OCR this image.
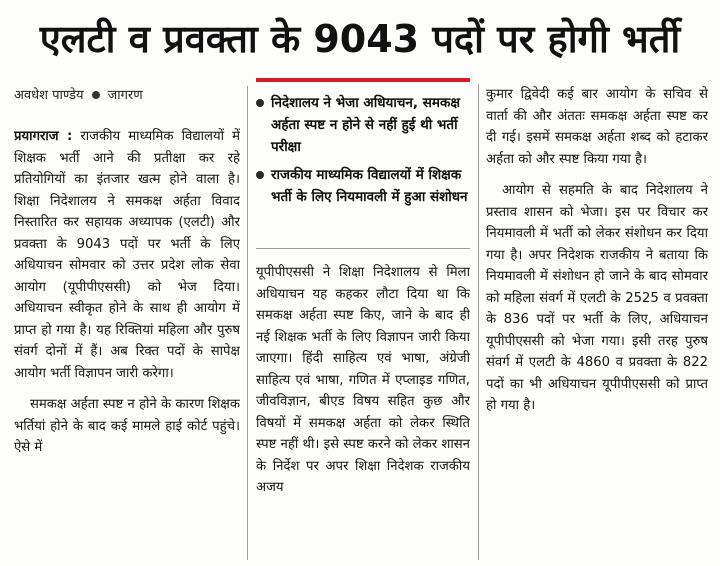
एलटी व प्रवक्ता के 9043 पदों पर होगी भर्ती
अवधेश पाण्डेय जागरण

प्रयागराज : राजकीय माध्यमिक विद्यालयों में शिक्षक भर्ती आने की प्रतीक्षा कर रहे प्रतियोगियों का इंतजार खत्म होने वाला है। शिक्षा निदेशालय ने समकक्ष अर्हता विवाद निस्तारित कर सहायक अध्यापक (एलटी) और प्रवक्ता के 9043 पदों पर भर्ती के लिए अधियाचन सोमवार को उत्तर प्रदेश लोक सेवा आयोग (यूपीपीएससी) को भेज दिया। अधियाचन स्वीकृत होने के साथ ही आयोग में प्राप्त हो गया है। यह रिक्तियां महिला और पुरुष संवर्ग दोनों में हैं। अब रिक्त पदों के सापेक्ष आयोग भर्ती विज्ञापन जारी करेगा।

समकक्ष अर्हता स्पष्ट न होने के कारण शिक्षक भर्तियां होने के बाद कई मामले हाई कोर्ट पहुंचे। ऐसे में

निदेशालय ने भेजा अधियाचन, समकक्ष अर्हता स्पष्ट न होने से नहीं हुई थी भर्ती परीक्षा
राजकीय माध्यमिक विद्यालयों में शिक्षक भर्ती के लिए नियमावली में हुआ संशोधन

यूपीपीएससी ने शिक्षा निदेशालय से मिला अधियाचन यह कहकर लौटा दिया था कि समकक्ष अर्हता स्पष्ट किए, जाने के बाद ही नई शिक्षक भर्ती के लिए विज्ञापन जारी किया जाएगा। हिंदी साहित्य एवं भाषा, अंग्रेजी साहित्य एवं भाषा, गणित में एप्लाइड गणित, जीवविज्ञान, बीएड विषय सहित कुछ और विषयों में समकक्ष अर्हता को लेकर स्थिति स्पष्ट नहीं थी। इसे स्पष्ट करने को लेकर शासन के निर्देश पर अपर शिक्षा निदेशक राजकीय अजय

कुमार द्विवेदी कई बार आयोग के सचिव से वार्ता की और अंततः समकक्ष अर्हता स्पष्ट कर दी गई। इसमें समकक्ष अर्हता शब्द को हटाकर अर्हता को और स्पष्ट किया गया है।

आयोग से सहमति के बाद निदेशालय ने प्रस्ताव शासन को भेजा। इस पर विचार कर नियमावली में भर्ती को लेकर संशोधन कर दिया गया है। अपर निदेशक राजकीय ने बताया कि नियमावली में संशोधन हो जाने के बाद सोमवार को महिला संवर्ग में एलटी के 2525 व प्रवक्ता के 836 पदों पर भर्ती के लिए, अधियाचन यूपीपीएससी को भेजा गया। इसी तरह पुरुष संवर्ग में एलटी के 4860 व प्रवक्ता के 822 पदों का भी अधियाचन यूपीपीएससी को प्राप्त हो गया है।
